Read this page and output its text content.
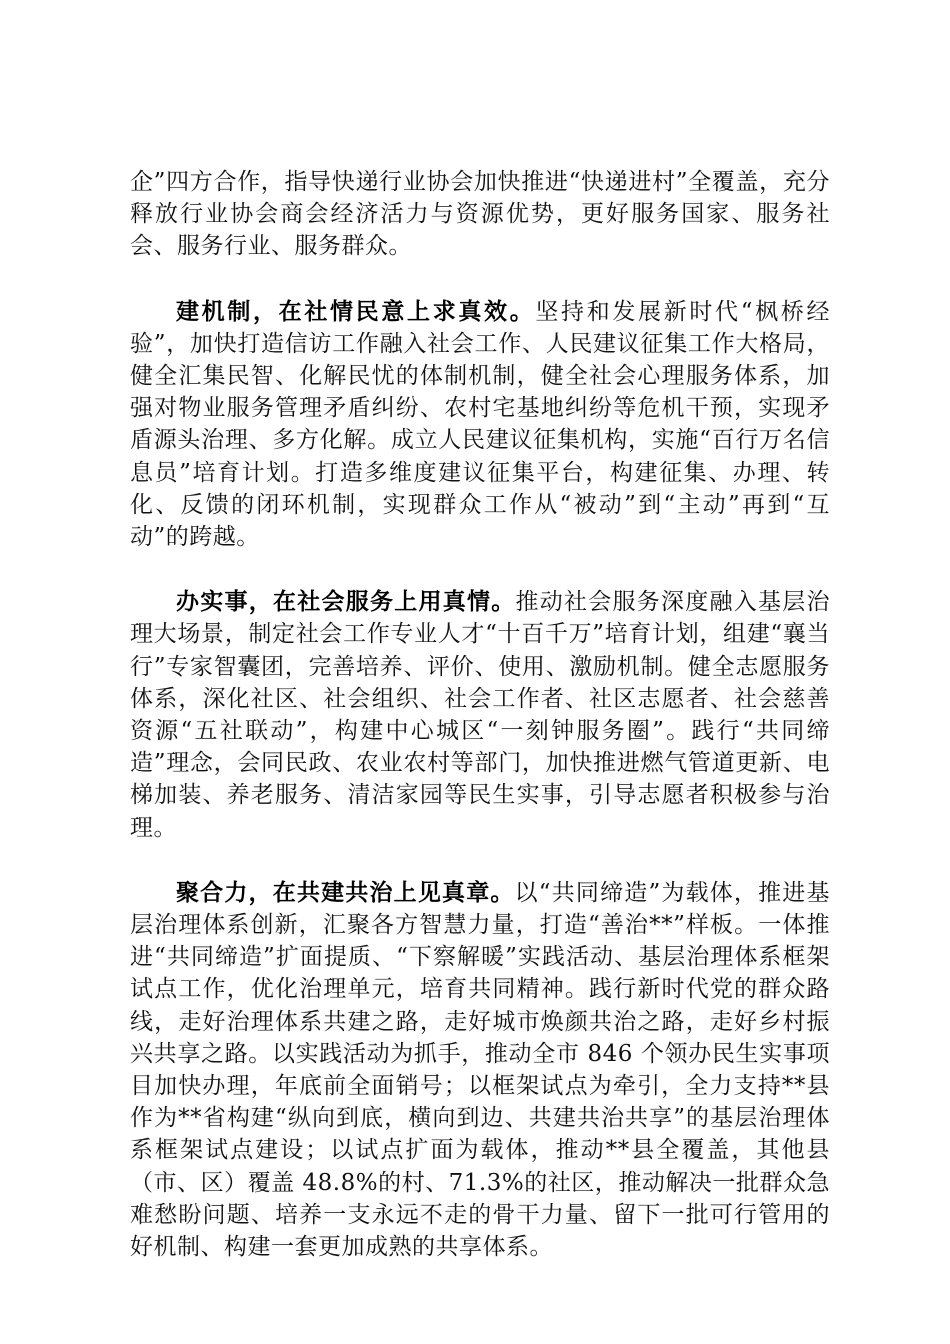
企”四方合作，指导快递行业协会加快推进“快递进村”全覆盖，充分释放行业协会商会经济活力与资源优势，更好服务国家、服务社会、服务行业、服务群众。

建机制，在社情民意上求真效。坚持和发展新时代“枫桥经验”，加快打造信访工作融入社会工作、人民建议征集工作大格局，健全汇集民智、化解民忧的体制机制，健全社会心理服务体系，加强对物业服务管理矛盾纠纷、农村宅基地纠纷等危机干预，实现矛盾源头治理、多方化解。成立人民建议征集机构，实施“百行万名信息员”培育计划。打造多维度建议征集平台，构建征集、办理、转化、反馈的闭环机制，实现群众工作从“被动”到“主动”再到“互动”的跨越。

办实事，在社会服务上用真情。推动社会服务深度融入基层治理大场景，制定社会工作专业人才“十百千万”培育计划，组建“襄当行”专家智囊团，完善培养、评价、使用、激励机制。健全志愿服务体系，深化社区、社会组织、社会工作者、社区志愿者、社会慈善资源“五社联动”，构建中心城区“一刻钟服务圈”。践行“共同缔造”理念，会同民政、农业农村等部门，加快推进燃气管道更新、电梯加装、养老服务、清洁家园等民生实事，引导志愿者积极参与治理。

聚合力，在共建共治上见真章。以“共同缔造”为载体，推进基层治理体系创新，汇聚各方智慧力量，打造“善治**”样板。一体推进“共同缔造”扩面提质、“下察解暖”实践活动、基层治理体系框架试点工作，优化治理单元，培育共同精神。践行新时代党的群众路线，走好治理体系共建之路，走好城市焕颜共治之路，走好乡村振兴共享之路。以实践活动为抓手，推动全市 846 个领办民生实事项目加快办理，年底前全面销号；以框架试点为牵引，全力支持**县作为**省构建“纵向到底，横向到边、共建共治共享”的基层治理体系框架试点建设；以试点扩面为载体，推动**县全覆盖，其他县（市、区）覆盖 48.8%的村、71.3%的社区，推动解决一批群众急难愁盼问题、培养一支永远不走的骨干力量、留下一批可行管用的好机制、构建一套更加成熟的共享体系。
